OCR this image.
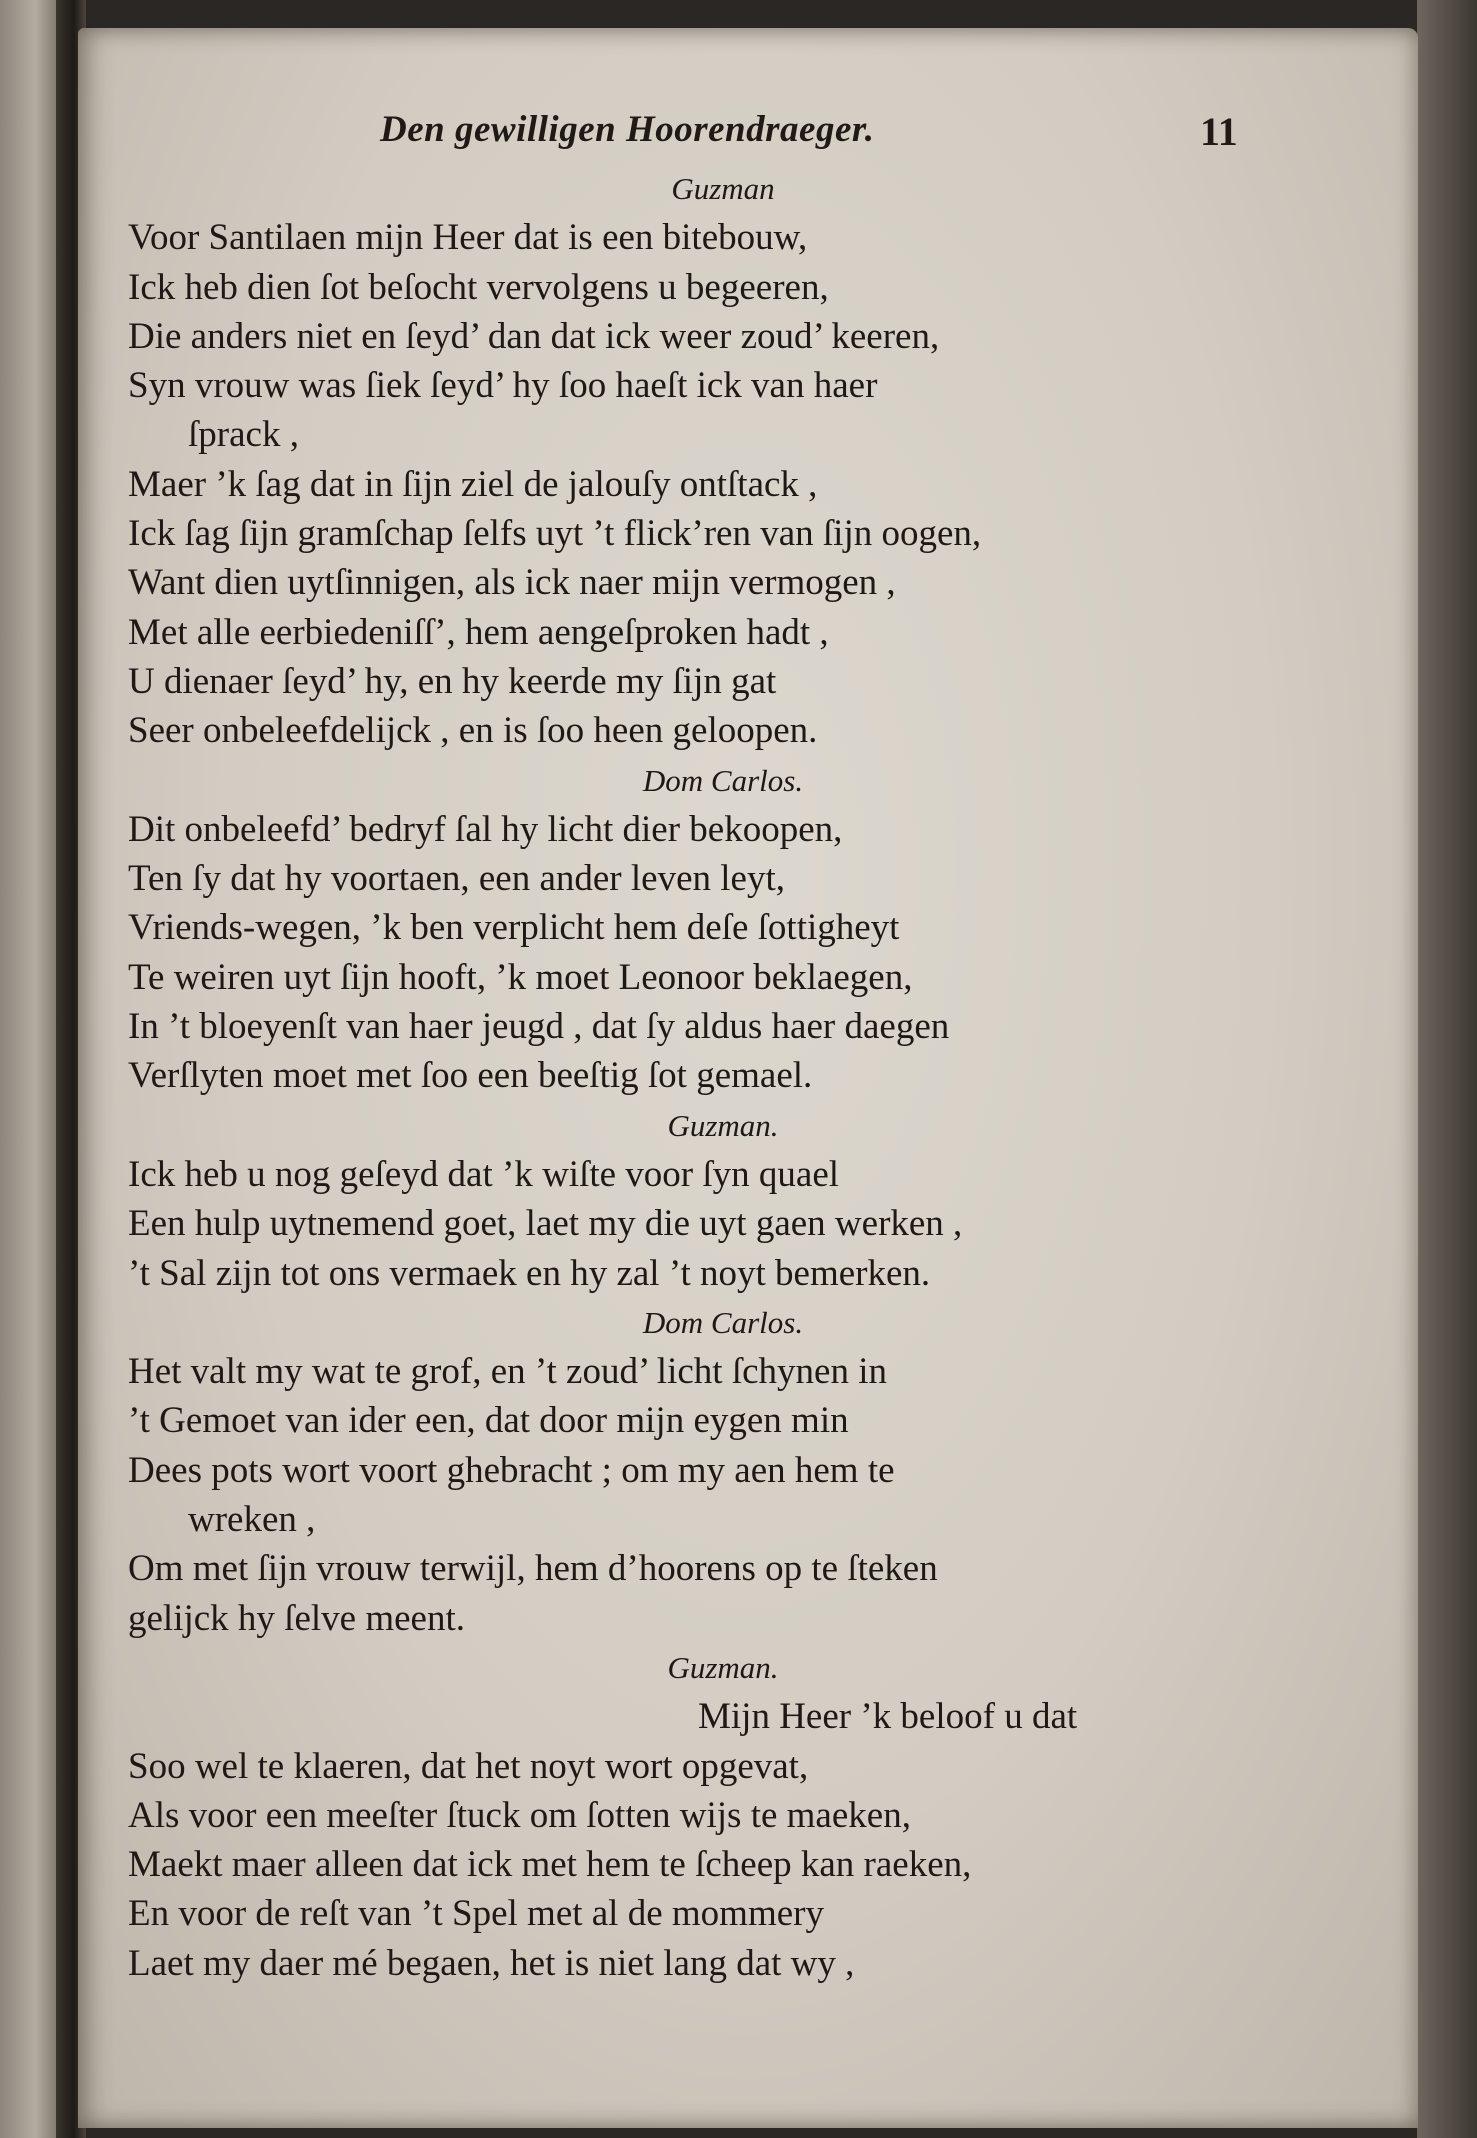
Den gewilligen Hoorendraeger.	11
Guzman
Voor Santilaen mijn Heer dat is een bitebouw,
Ick heb dien ſot beſocht vervolgens u begeeren,
Die anders niet en ſeyd’ dan dat ick weer zoud’ keeren,
Syn vrouw was ſiek ſeyd’ hy ſoo haeſt ick van haer
ſprack ,
Maer ’k ſag dat in ſijn ziel de jalouſy ontſtack ,
Ick ſag ſijn gramſchap ſelfs uyt ’t flick’ren van ſijn oogen,
Want dien uytſinnigen, als ick naer mijn vermogen ,
Met alle eerbiedeniſſ’, hem aengeſproken hadt ,
U dienaer ſeyd’ hy, en hy keerde my ſijn gat
Seer onbeleefdelijck , en is ſoo heen geloopen.
Dom Carlos.
Dit onbeleefd’ bedryf ſal hy licht dier bekoopen,
Ten ſy dat hy voortaen, een ander leven leyt,
Vriends-wegen, ’k ben verplicht hem deſe ſottigheyt
Te weiren uyt ſijn hooft, ’k moet Leonoor beklaegen,
In ’t bloeyenſt van haer jeugd , dat ſy aldus haer daegen
Verſlyten moet met ſoo een beeſtig ſot gemael.
Guzman.
Ick heb u nog geſeyd dat ’k wiſte voor ſyn quael
Een hulp uytnemend goet, laet my die uyt gaen werken ,
’t Sal zijn tot ons vermaek en hy zal ’t noyt bemerken.
Dom Carlos.
Het valt my wat te grof, en ’t zoud’ licht ſchynen in
’t Gemoet van ider een, dat door mijn eygen min
Dees pots wort voort ghebracht ; om my aen hem te
wreken ,
Om met ſijn vrouw terwijl, hem d’hoorens op te ſteken
gelijck hy ſelve meent.
Guzman.
Mijn Heer ’k beloof u dat
Soo wel te klaeren, dat het noyt wort opgevat,
Als voor een meeſter ſtuck om ſotten wijs te maeken,
Maekt maer alleen dat ick met hem te ſcheep kan raeken,
En voor de reſt van ’t Spel met al de mommery
Laet my daer mé begaen, het is niet lang dat wy ,
